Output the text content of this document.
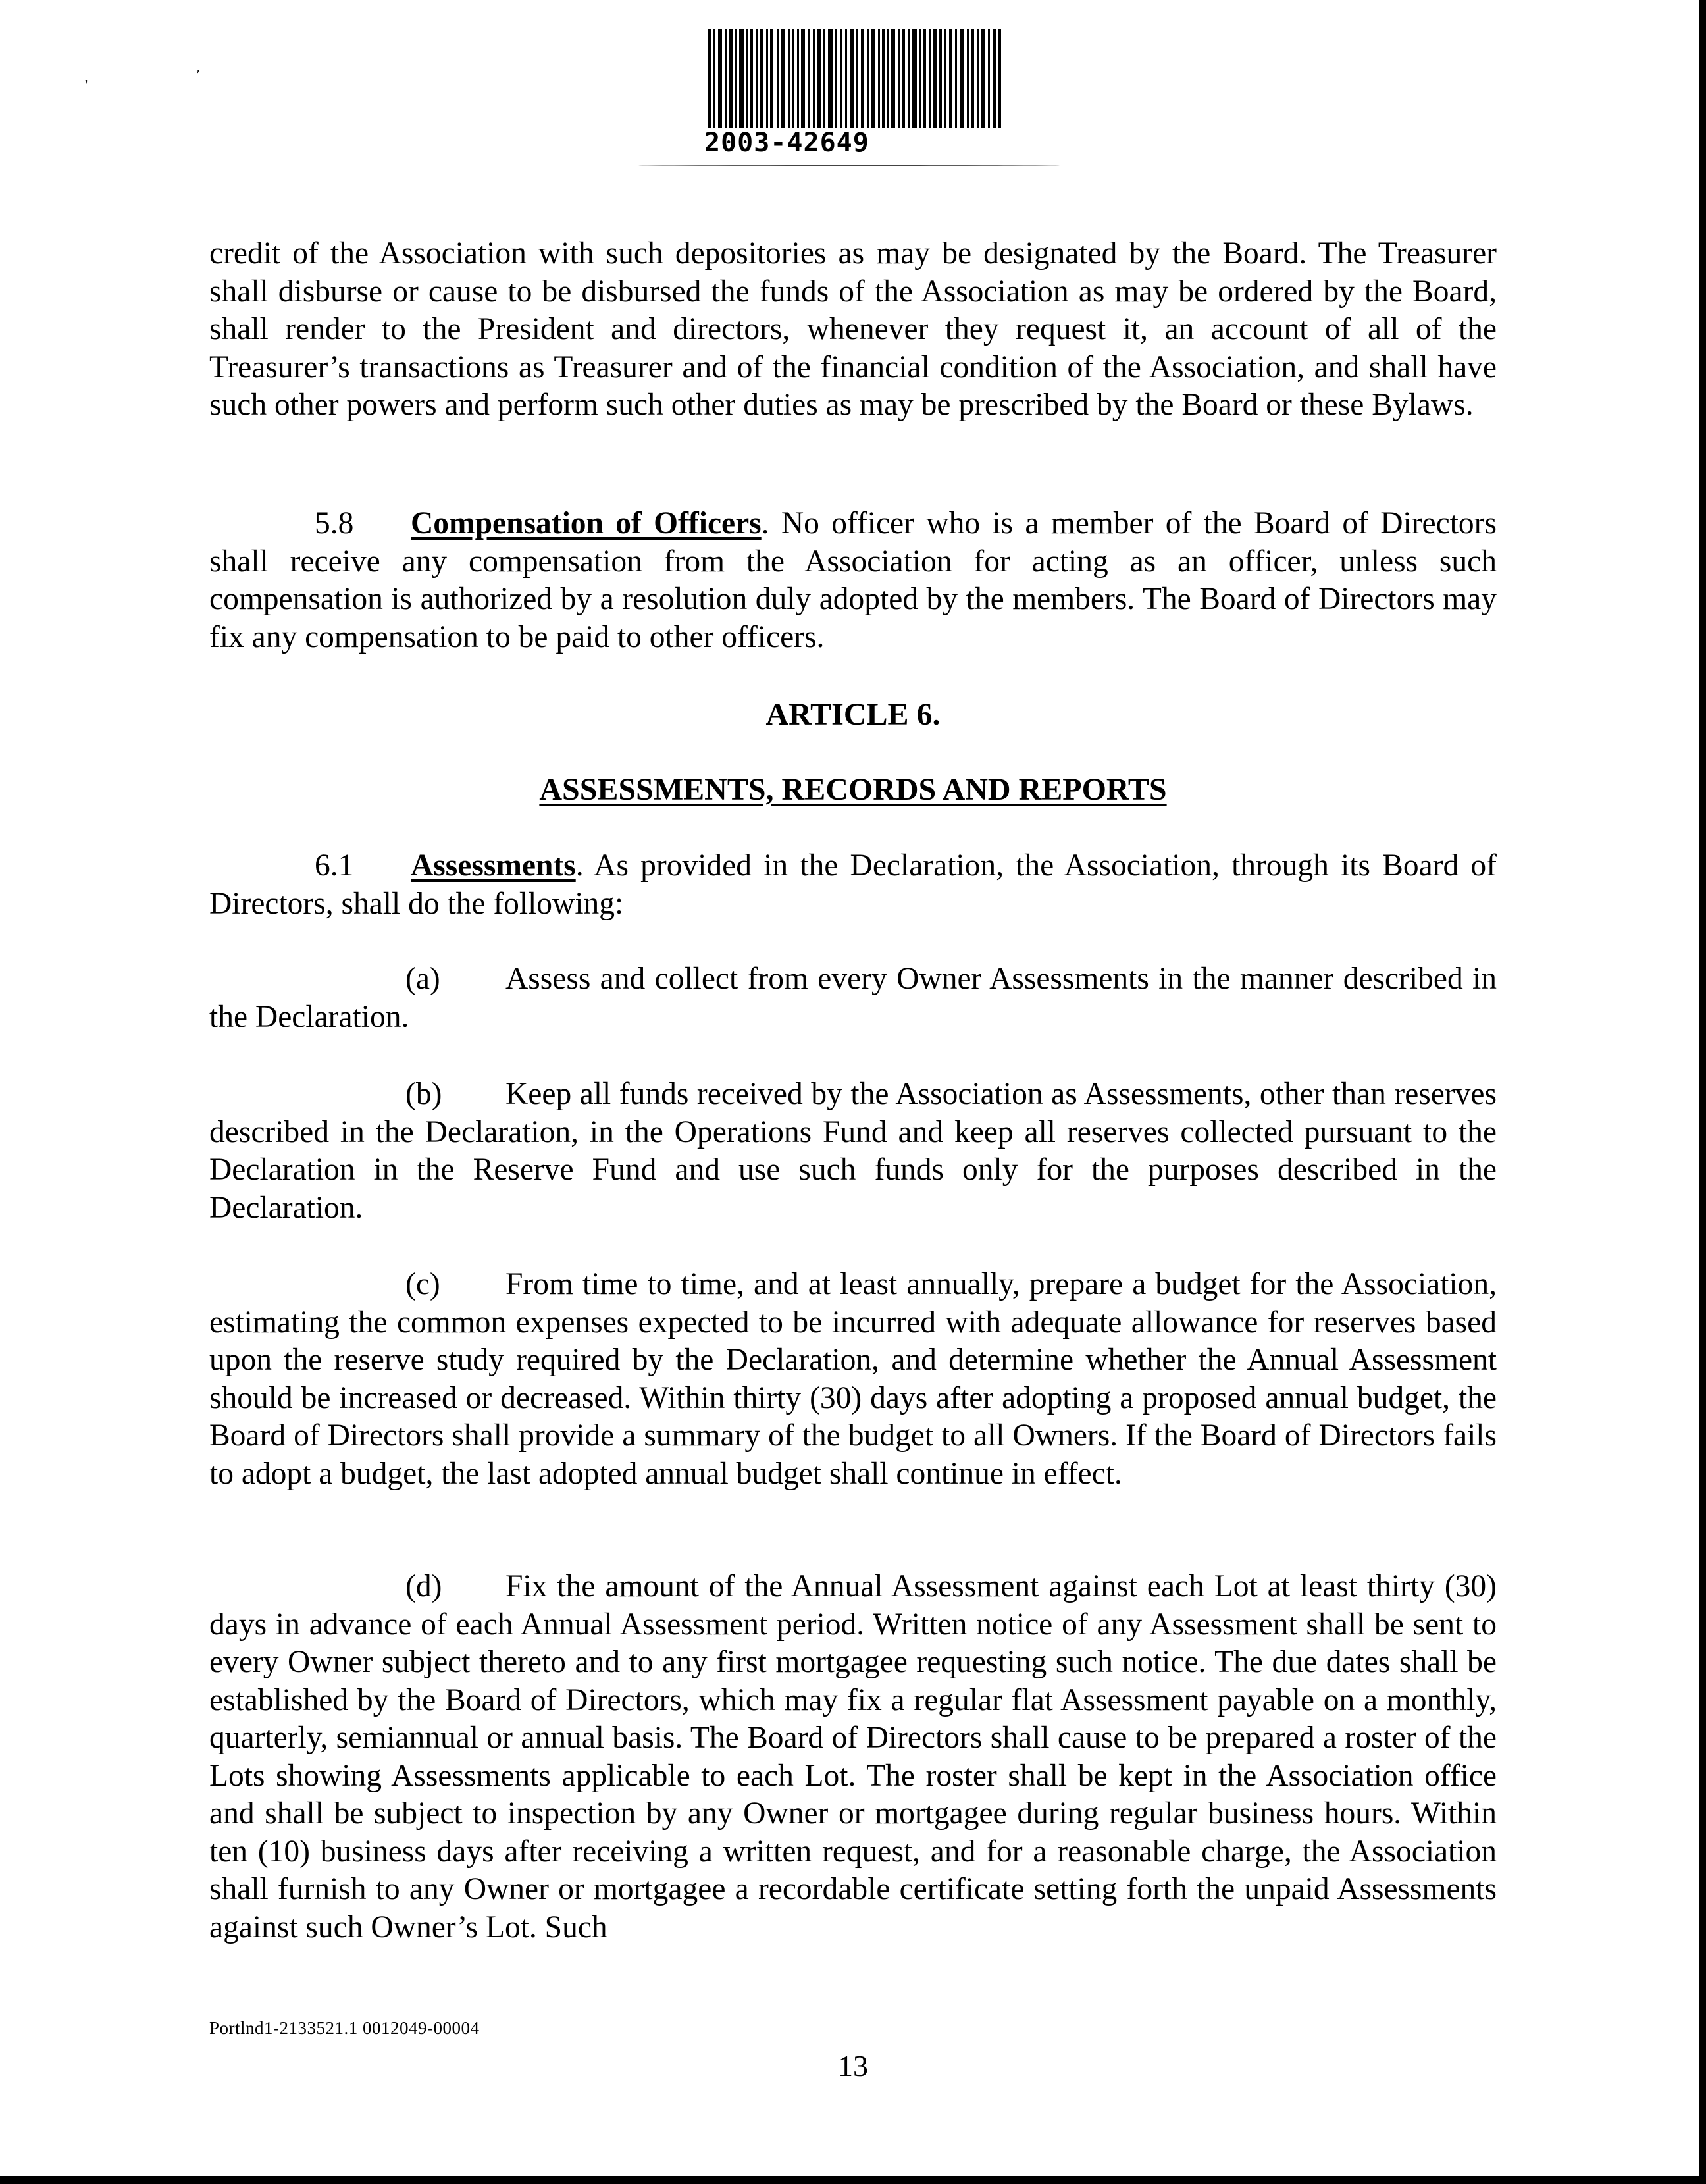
’
’
2003-42649

credit of the Association with such depositories as may be designated by the Board. The Treasurer shall disburse or cause to be disbursed the funds of the Association as may be ordered by the Board, shall render to the President and directors, whenever they request it, an account of all of the Treasurer’s transactions as Treasurer and of the financial condition of the Association, and shall have such other powers and perform such other duties as may be prescribed by the Board or these Bylaws.

5.8 Compensation of Officers. No officer who is a member of the Board of Directors shall receive any compensation from the Association for acting as an officer, unless such compensation is authorized by a resolution duly adopted by the members. The Board of Directors may fix any compensation to be paid to other officers.

ARTICLE 6.
ASSESSMENTS, RECORDS AND REPORTS

6.1 Assessments. As provided in the Declaration, the Association, through its Board of Directors, shall do the following:

(a) Assess and collect from every Owner Assessments in the manner described in the Declaration.

(b) Keep all funds received by the Association as Assessments, other than reserves described in the Declaration, in the Operations Fund and keep all reserves collected pursuant to the Declaration in the Reserve Fund and use such funds only for the purposes described in the Declaration.

(c) From time to time, and at least annually, prepare a budget for the Association, estimating the common expenses expected to be incurred with adequate allowance for reserves based upon the reserve study required by the Declaration, and determine whether the Annual Assessment should be increased or decreased. Within thirty (30) days after adopting a proposed annual budget, the Board of Directors shall provide a summary of the budget to all Owners. If the Board of Directors fails to adopt a budget, the last adopted annual budget shall continue in effect.

(d) Fix the amount of the Annual Assessment against each Lot at least thirty (30) days in advance of each Annual Assessment period. Written notice of any Assessment shall be sent to every Owner subject thereto and to any first mortgagee requesting such notice. The due dates shall be established by the Board of Directors, which may fix a regular flat Assessment payable on a monthly, quarterly, semiannual or annual basis. The Board of Directors shall cause to be prepared a roster of the Lots showing Assessments applicable to each Lot. The roster shall be kept in the Association office and shall be subject to inspection by any Owner or mortgagee during regular business hours. Within ten (10) business days after receiving a written request, and for a reasonable charge, the Association shall furnish to any Owner or mortgagee a recordable certificate setting forth the unpaid Assessments against such Owner’s Lot. Such

Portlnd1-2133521.1 0012049-00004
13
